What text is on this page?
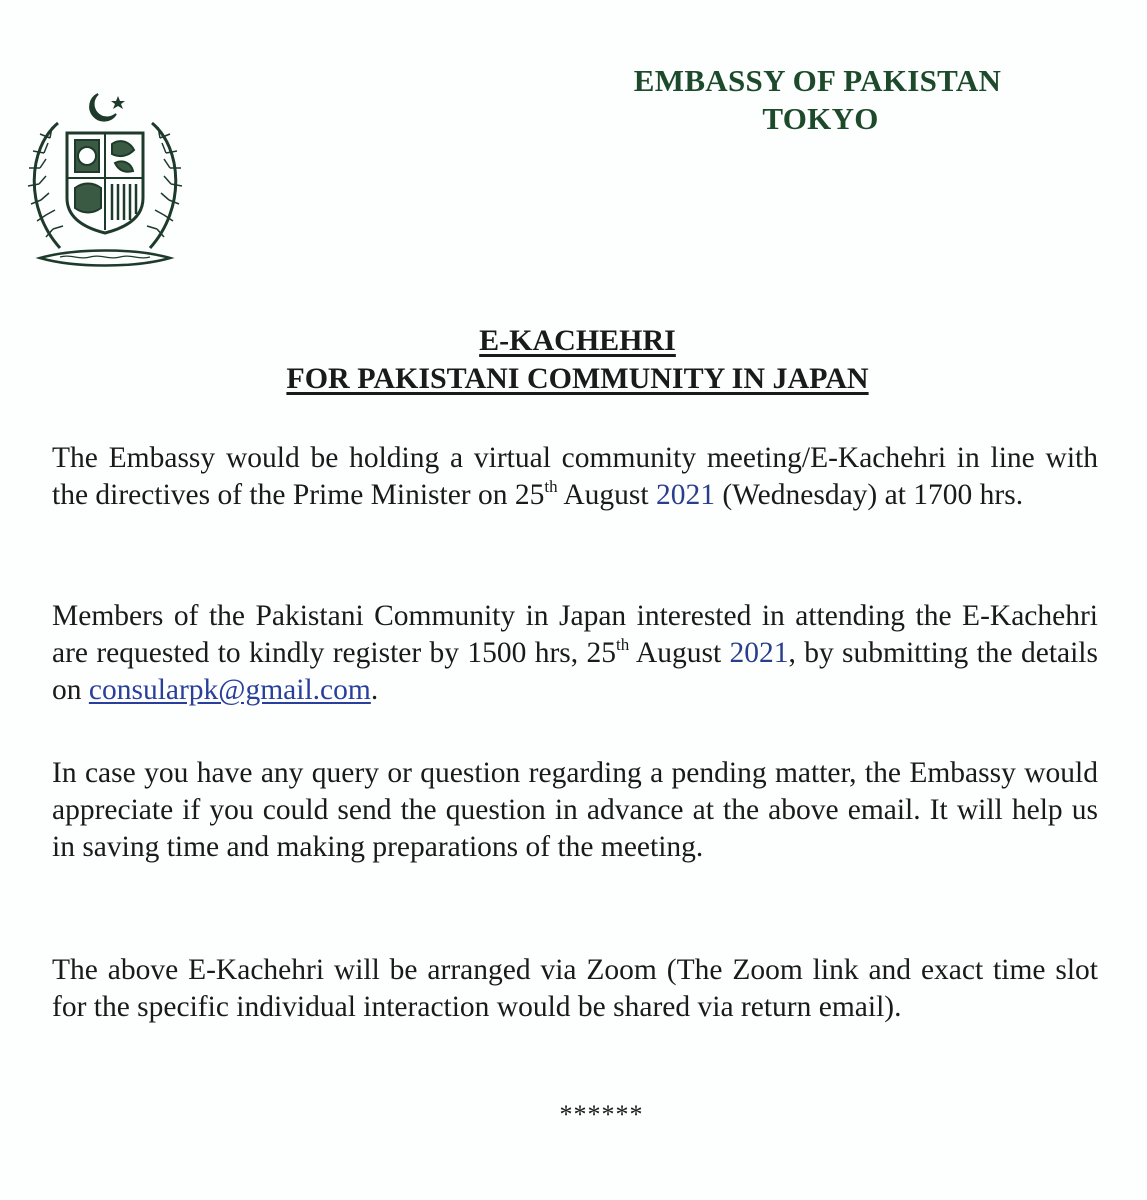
EMBASSY OF PAKISTAN
TOKYO
E-KACHEHRI
FOR PAKISTANI COMMUNITY IN JAPAN
The Embassy would be holding a virtual community meeting/E-Kachehri in line with the directives of the Prime Minister on 25th August 2021 (Wednesday) at 1700 hrs.
Members of the Pakistani Community in Japan interested in attending the E-Kachehri are requested to kindly register by 1500 hrs, 25th August 2021, by submitting the details on consularpk@gmail.com.
In case you have any query or question regarding a pending matter, the Embassy would appreciate if you could send the question in advance at the above email. It will help us in saving time and making preparations of the meeting.
The above E-Kachehri will be arranged via Zoom (The Zoom link and exact time slot for the specific individual interaction would be shared via return email).
******
